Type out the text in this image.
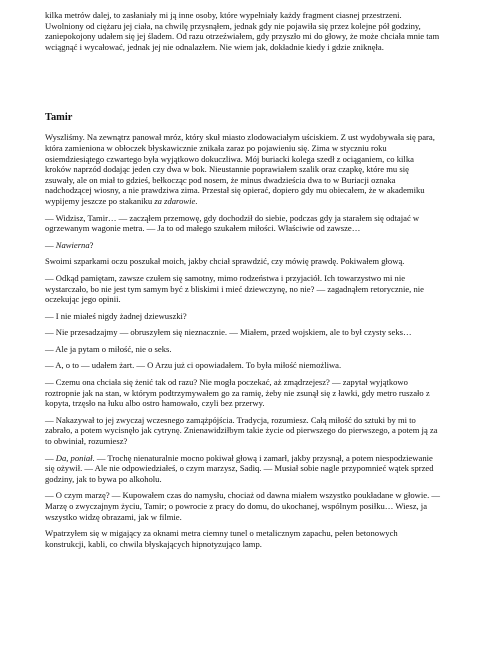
kilka metrów dalej, to zasłaniały mi ją inne osoby, które wypełniały każdy fragment ciasnej przestrzeni. Uwolniony od ciężaru jej ciała, na chwilę przysnąłem, jednak gdy nie pojawiła się przez kolejne pół godziny, zaniepokojony udałem się jej śladem. Od razu otrzeźwiałem, gdy przyszło mi do głowy, że może chciała mnie tam wciągnąć i wycałować, jednak jej nie odnalazłem. Nie wiem jak, dokładnie kiedy i gdzie zniknęła.

Tamir

Wyszliśmy. Na zewnątrz panował mróz, który skuł miasto zlodowaciałym uściskiem. Z ust wydobywała się para, która zamieniona w obłoczek błyskawicznie znikała zaraz po pojawieniu się. Zima w styczniu roku osiemdziesiątego czwartego była wyjątkowo dokuczliwa. Mój buriacki kolega szedł z ociąganiem, co kilka kroków naprzód dodając jeden czy dwa w bok. Nieustannie poprawiałem szalik oraz czapkę, które mu się zsuwały, ale on miał to gdzieś, bełkocząc pod nosem, że minus dwadzieścia dwa to w Buriacji oznaka nadchodzącej wiosny, a nie prawdziwa zima. Przestał się opierać, dopiero gdy mu obiecałem, że w akademiku wypijemy jeszcze po stakaniku za zdarowie.

— Widzisz, Tamir… — zacząłem przemowę, gdy dochodził do siebie, podczas gdy ja starałem się odtajać w ogrzewanym wagonie metra. — Ja to od małego szukałem miłości. Właściwie od zawsze…

— Nawierna?

Swoimi szparkami oczu poszukał moich, jakby chciał sprawdzić, czy mówię prawdę. Pokiwałem głową.

— Odkąd pamiętam, zawsze czułem się samotny, mimo rodzeństwa i przyjaciół. Ich towarzystwo mi nie wystarczało, bo nie jest tym samym być z bliskimi i mieć dziewczynę, no nie? — zagadnąłem retorycznie, nie oczekując jego opinii.

— I nie miałeś nigdy żadnej dziewuszki?

— Nie przesadzajmy — obruszyłem się nieznacznie. — Miałem, przed wojskiem, ale to był czysty seks…

— Ale ja pytam o miłość, nie o seks.

— A, o to — udałem żart. — O Arzu już ci opowiadałem. To była miłość niemożliwa.

— Czemu ona chciała się żenić tak od razu? Nie mogła poczekać, aż zmądrzejesz? — zapytał wyjątkowo roztropnie jak na stan, w którym podtrzymywałem go za ramię, żeby nie zsunął się z ławki, gdy metro ruszało z kopyta, trzęsło na łuku albo ostro hamowało, czyli bez przerwy.

— Nakazywał to jej zwyczaj wczesnego zamążpójścia. Tradycja, rozumiesz. Całą miłość do sztuki by mi to zabrało, a potem wycisnęło jak cytrynę. Znienawidziłbym takie życie od pierwszego do pierwszego, a potem ją za to obwiniał, rozumiesz?

— Da, poniał. — Trochę nienaturalnie mocno pokiwał głową i zamarł, jakby przysnął, a potem niespodziewanie się ożywił. — Ale nie odpowiedziałeś, o czym marzysz, Sadiq. — Musiał sobie nagle przypomnieć wątek sprzed godziny, jak to bywa po alkoholu.

— O czym marzę? — Kupowałem czas do namysłu, chociaż od dawna miałem wszystko poukładane w głowie. — Marzę o zwyczajnym życiu, Tamir; o powrocie z pracy do domu, do ukochanej, wspólnym posiłku… Wiesz, ja wszystko widzę obrazami, jak w filmie.

Wpatrzyłem się w migający za oknami metra ciemny tunel o metalicznym zapachu, pełen betonowych konstrukcji, kabli, co chwila błyskających hipnotyzująco lamp.
